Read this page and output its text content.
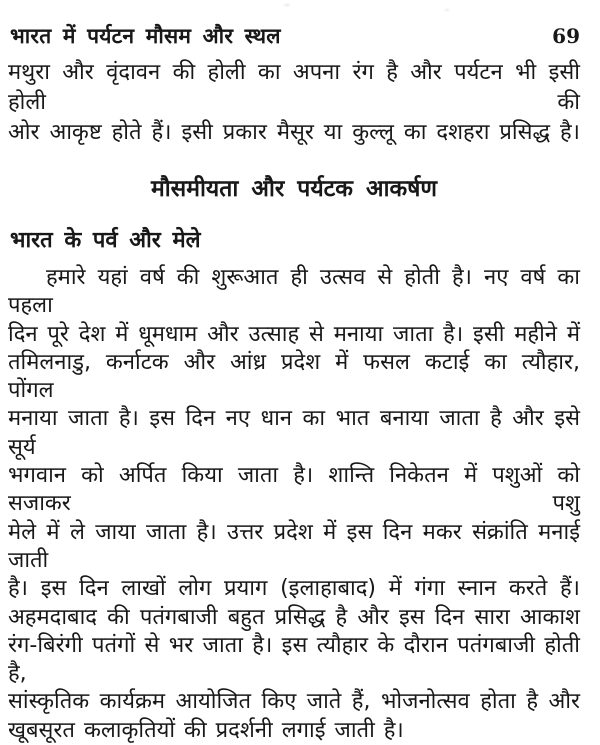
भारत में पर्यटन मौसम और स्थल	69
मथुरा और वृंदावन की होली का अपना रंग है और पर्यटन भी इसी होली की
ओर आकृष्ट होते हैं। इसी प्रकार मैसूर या कुल्लू का दशहरा प्रसिद्ध है।
मौसमीयता और पर्यटक आकर्षण
भारत के पर्व और मेले
हमारे यहां वर्ष की शुरूआत ही उत्सव से होती है। नए वर्ष का पहला
दिन पूरे देश में धूमधाम और उत्साह से मनाया जाता है। इसी महीने में
तमिलनाडु, कर्नाटक और आंध्र प्रदेश में फसल कटाई का त्यौहार, पोंगल
मनाया जाता है। इस दिन नए धान का भात बनाया जाता है और इसे सूर्य
भगवान को अर्पित किया जाता है। शान्ति निकेतन में पशुओं को सजाकर पशु
मेले में ले जाया जाता है। उत्तर प्रदेश में इस दिन मकर संक्रांति मनाई जाती
है। इस दिन लाखों लोग प्रयाग (इलाहाबाद) में गंगा स्नान करते हैं।
अहमदाबाद की पतंगबाजी बहुत प्रसिद्ध है और इस दिन सारा आकाश
रंग-बिरंगी पतंगों से भर जाता है। इस त्यौहार के दौरान पतंगबाजी होती है,
सांस्कृतिक कार्यक्रम आयोजित किए जाते हैं, भोजनोत्सव होता है और
खूबसूरत कलाकृतियों की प्रदर्शनी लगाई जाती है।
